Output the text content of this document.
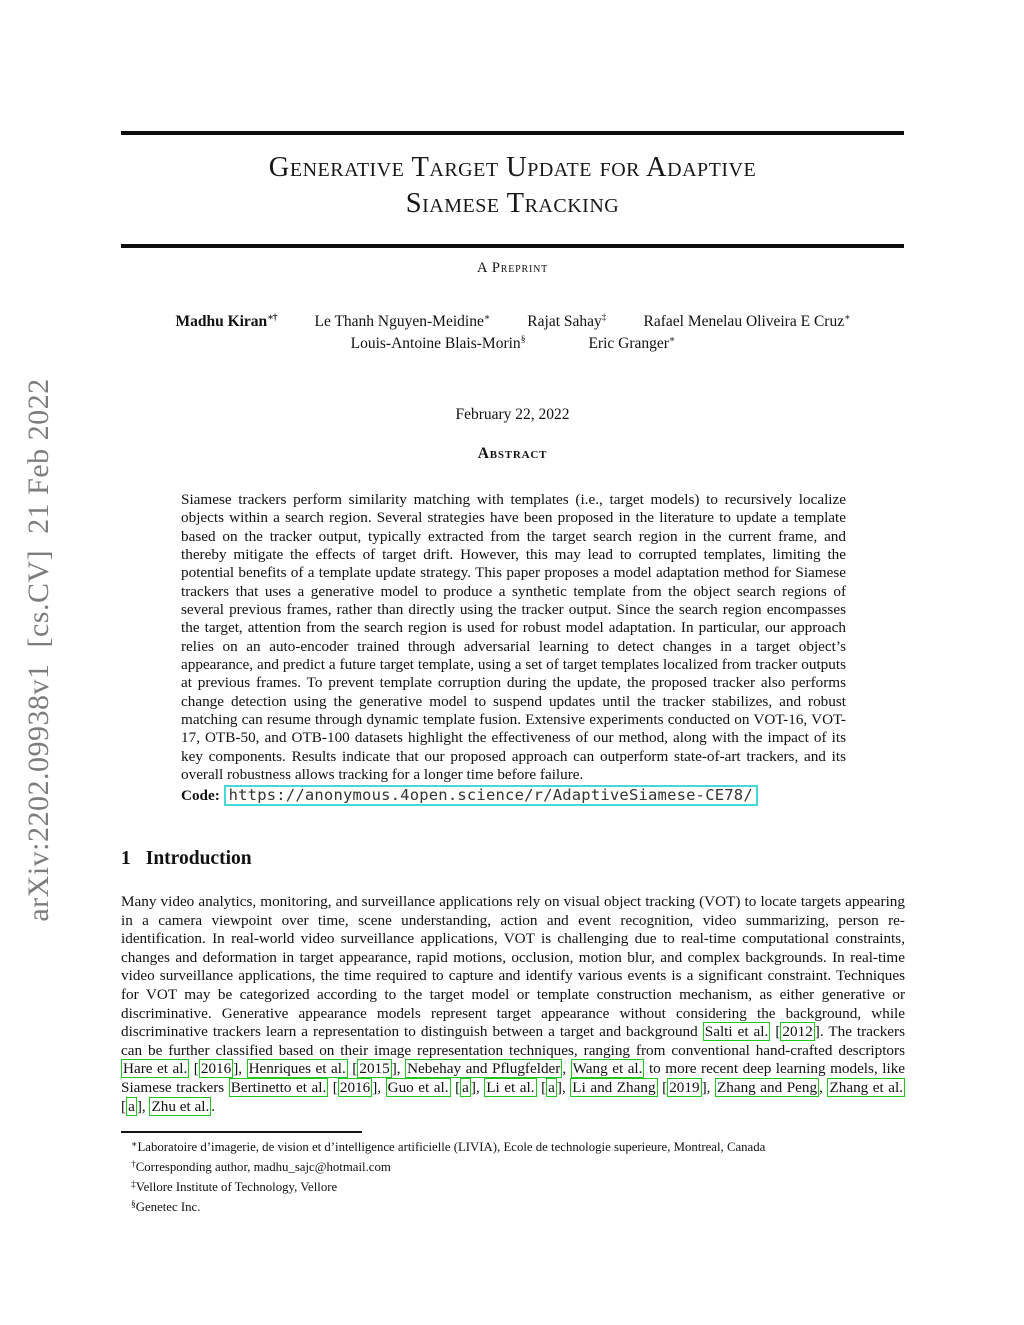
arXiv:2202.09938v1  [cs.CV]  21 Feb 2022
Generative Target Update for Adaptive
Siamese Tracking
A Preprint
Madhu Kiran∗† Le Thanh Nguyen-Meidine∗ Rajat Sahay‡ Rafael Menelau Oliveira E Cruz∗
Louis-Antoine Blais-Morin§	Eric Granger∗
February 22, 2022
Abstract
Siamese trackers perform similarity matching with templates (i.e., target models) to recursively localize objects within a search region. Several strategies have been proposed in the literature to update a template based on the tracker output, typically extracted from the target search region in the current frame, and thereby mitigate the effects of target drift. However, this may lead to corrupted templates, limiting the potential benefits of a template update strategy. This paper proposes a model adaptation method for Siamese trackers that uses a generative model to produce a synthetic template from the object search regions of several previous frames, rather than directly using the tracker output. Since the search region encompasses the target, attention from the search region is used for robust model adaptation. In particular, our approach relies on an auto-encoder trained through adversarial learning to detect changes in a target object’s appearance, and predict a future target template, using a set of target templates localized from tracker outputs at previous frames. To prevent template corruption during the update, the proposed tracker also performs change detection using the generative model to suspend updates until the tracker stabilizes, and robust matching can resume through dynamic template fusion. Extensive experiments conducted on VOT-16, VOT-17, OTB-50, and OTB-100 datasets highlight the effectiveness of our method, along with the impact of its key components. Results indicate that our proposed approach can outperform state-of-art trackers, and its overall robustness allows tracking for a longer time before failure.
Code: https://anonymous.4open.science/r/AdaptiveSiamese-CE78/
1 Introduction
Many video analytics, monitoring, and surveillance applications rely on visual object tracking (VOT) to locate targets appearing in a camera viewpoint over time, scene understanding, action and event recognition, video summarizing, person re-identification. In real-world video surveillance applications, VOT is challenging due to real-time computational constraints, changes and deformation in target appearance, rapid motions, occlusion, motion blur, and complex backgrounds. In real-time video surveillance applications, the time required to capture and identify various events is a significant constraint. Techniques for VOT may be categorized according to the target model or template construction mechanism, as either generative or discriminative. Generative appearance models represent target appearance without considering the background, while discriminative trackers learn a representation to distinguish between a target and background Salti et al. [ 2012 ]. The trackers can be further classified based on their image representation techniques, ranging from conventional hand-crafted descriptors Hare et al. [ 2016 ], Henriques et al. [ 2015 ], Nebehay and Pflugfelder , Wang et al. to more recent deep learning models, like Siamese trackers Bertinetto et al. [ 2016 ], Guo et al. [ a ], Li et al. [ a ], Li and Zhang [ 2019 ], Zhang and Peng , Zhang et al. [ a ], Zhu et al. .
∗Laboratoire d’imagerie, de vision et d’intelligence artificielle (LIVIA), Ecole de technologie superieure, Montreal, Canada
†Corresponding author, madhu_sajc@hotmail.com
‡Vellore Institute of Technology, Vellore
§Genetec Inc.
